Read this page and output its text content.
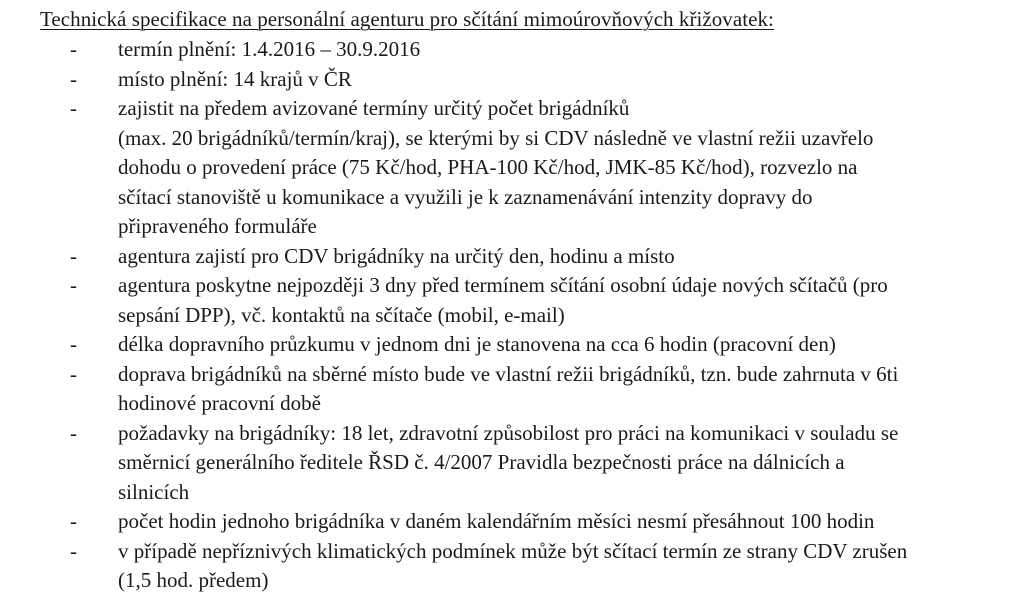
Technická specifikace na personální agenturu pro sčítání mimoúrovňových křižovatek:
-	termín plnění: 1.4.2016 – 30.9.2016
-	místo plnění: 14 krajů v ČR
-	zajistit na předem avizované termíny určitý počet brigádníků
(max. 20 brigádníků/termín/kraj), se kterými by si CDV následně ve vlastní režii uzavřelo
dohodu o provedení práce (75 Kč/hod, PHA-100 Kč/hod, JMK-85 Kč/hod), rozvezlo na
sčítací stanoviště u komunikace a využili je k zaznamenávání intenzity dopravy do
připraveného formuláře
-	agentura zajistí pro CDV brigádníky na určitý den, hodinu a místo
-	agentura poskytne nejpozději 3 dny před termínem sčítání osobní údaje nových sčítačů (pro
sepsání DPP), vč. kontaktů na sčítače (mobil, e-mail)
-	délka dopravního průzkumu v jednom dni je stanovena na cca 6 hodin (pracovní den)
-	doprava brigádníků na sběrné místo bude ve vlastní režii brigádníků, tzn. bude zahrnuta v 6ti
hodinové pracovní době
-	požadavky na brigádníky: 18 let, zdravotní způsobilost pro práci na komunikaci v souladu se
směrnicí generálního ředitele ŘSD č. 4/2007 Pravidla bezpečnosti práce na dálnicích a
silnicích
-	počet hodin jednoho brigádníka v daném kalendářním měsíci nesmí přesáhnout 100 hodin
-	v případě nepříznivých klimatických podmínek může být sčítací termín ze strany CDV zrušen
(1,5 hod. předem)
